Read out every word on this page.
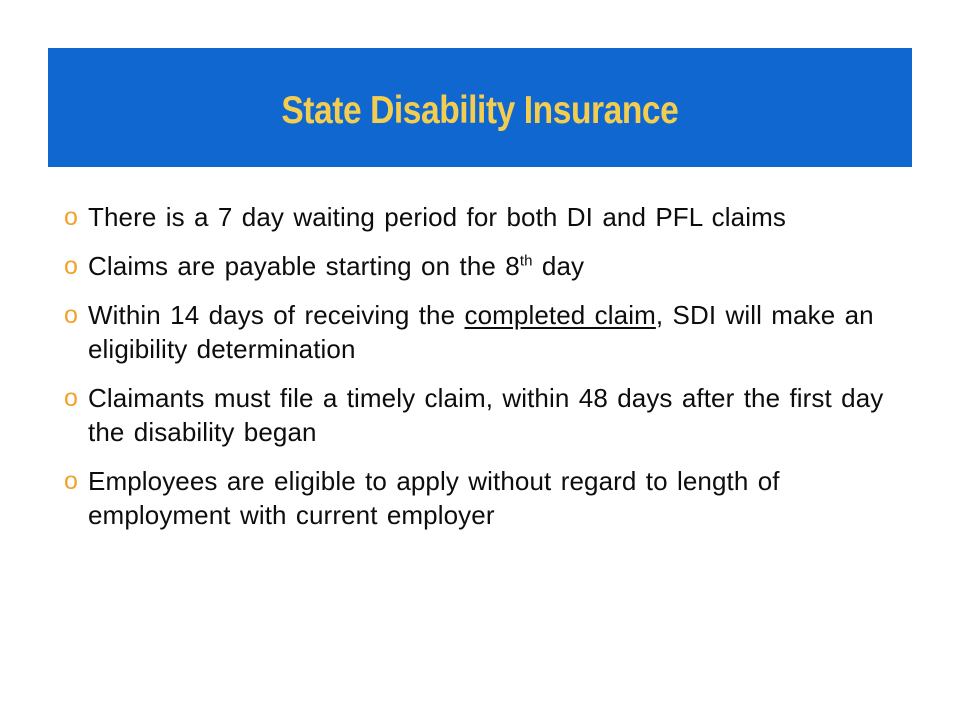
State Disability Insurance
o There is a 7 day waiting period for both DI and PFL claims
o Claims are payable starting on the 8th day
o Within 14 days of receiving the completed claim, SDI will make an eligibility determination
o Claimants must file a timely claim, within 48 days after the first day the disability began
o Employees are eligible to apply without regard to length of employment with current employer
